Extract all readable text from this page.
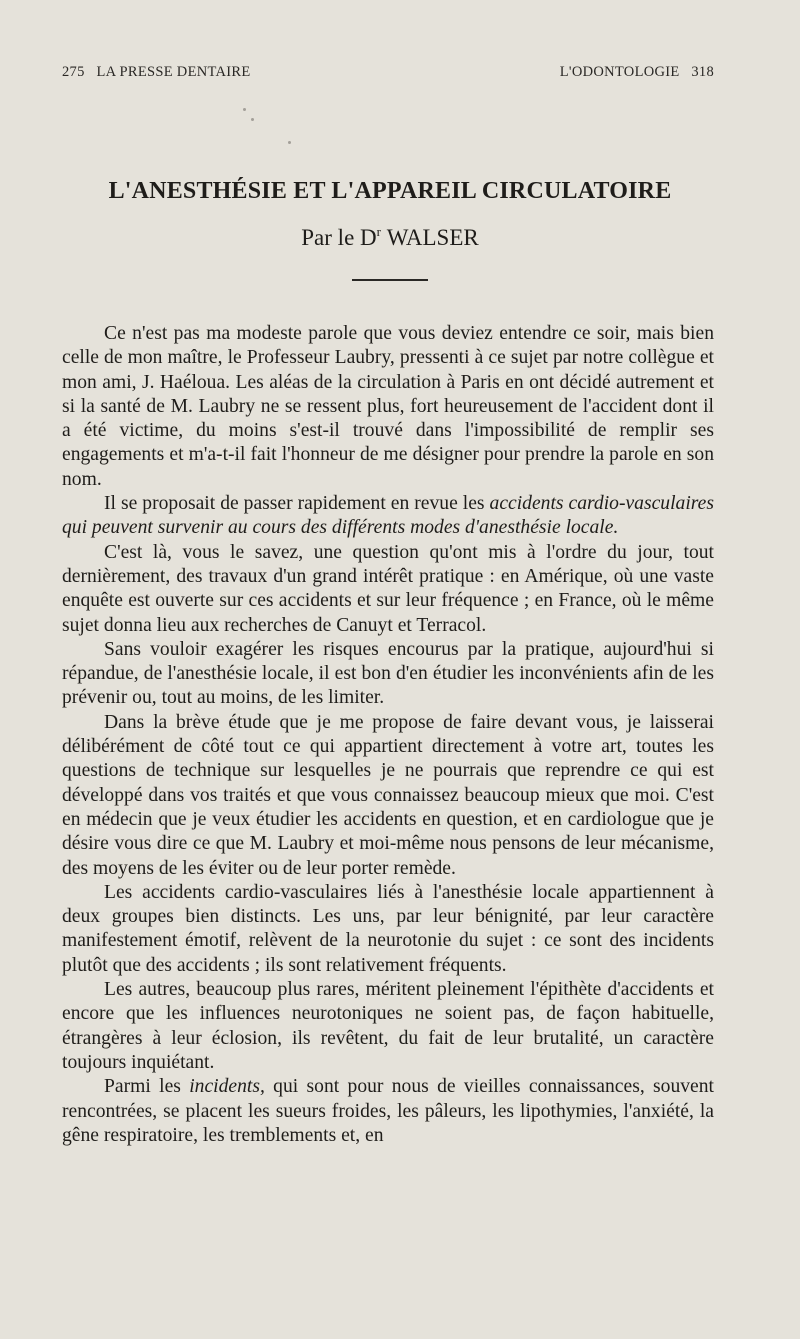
275 LA PRESSE DENTAIRE	L'ODONTOLOGIE 318
L'ANESTHÉSIE ET L'APPAREIL CIRCULATOIRE
Par le $D^r$ WALSER

Ce n'est pas ma modeste parole que vous deviez entendre ce soir, mais bien celle de mon maître, le Professeur Laubry, pressenti à ce sujet par notre collègue et mon ami, J. Haéloua. Les aléas de la circulation à Paris en ont décidé autrement et si la santé de M. Laubry ne se ressent plus, fort heureusement de l'accident dont il a été victime, du moins s'est-il trouvé dans l'impossibilité de remplir ses engagements et m'a-t-il fait l'honneur de me désigner pour prendre la parole en son nom.

Il se proposait de passer rapidement en revue les accidents cardio-vasculaires qui peuvent survenir au cours des différents modes d'anesthésie locale.

C'est là, vous le savez, une question qu'ont mis à l'ordre du jour, tout dernièrement, des travaux d'un grand intérêt pratique : en Amérique, où une vaste enquête est ouverte sur ces accidents et sur leur fréquence ; en France, où le même sujet donna lieu aux recherches de Canuyt et Terracol.

Sans vouloir exagérer les risques encourus par la pratique, aujourd'hui si répandue, de l'anesthésie locale, il est bon d'en étudier les inconvénients afin de les prévenir ou, tout au moins, de les limiter.

Dans la brève étude que je me propose de faire devant vous, je laisserai délibérément de côté tout ce qui appartient directement à votre art, toutes les questions de technique sur lesquelles je ne pourrais que reprendre ce qui est développé dans vos traités et que vous connaissez beaucoup mieux que moi. C'est en médecin que je veux étudier les accidents en question, et en cardiologue que je désire vous dire ce que M. Laubry et moi-même nous pensons de leur mécanisme, des moyens de les éviter ou de leur porter remède.

Les accidents cardio-vasculaires liés à l'anesthésie locale appartiennent à deux groupes bien distincts. Les uns, par leur bénignité, par leur caractère manifestement émotif, relèvent de la neurotonie du sujet : ce sont des incidents plutôt que des accidents ; ils sont relativement fréquents.

Les autres, beaucoup plus rares, méritent pleinement l'épithète d'accidents et encore que les influences neurotoniques ne soient pas, de façon habituelle, étrangères à leur éclosion, ils revêtent, du fait de leur brutalité, un caractère toujours inquiétant.

Parmi les incidents, qui sont pour nous de vieilles connaissances, souvent rencontrées, se placent les sueurs froides, les pâleurs, les lipothymies, l'anxiété, la gêne respiratoire, les tremblements et, en
